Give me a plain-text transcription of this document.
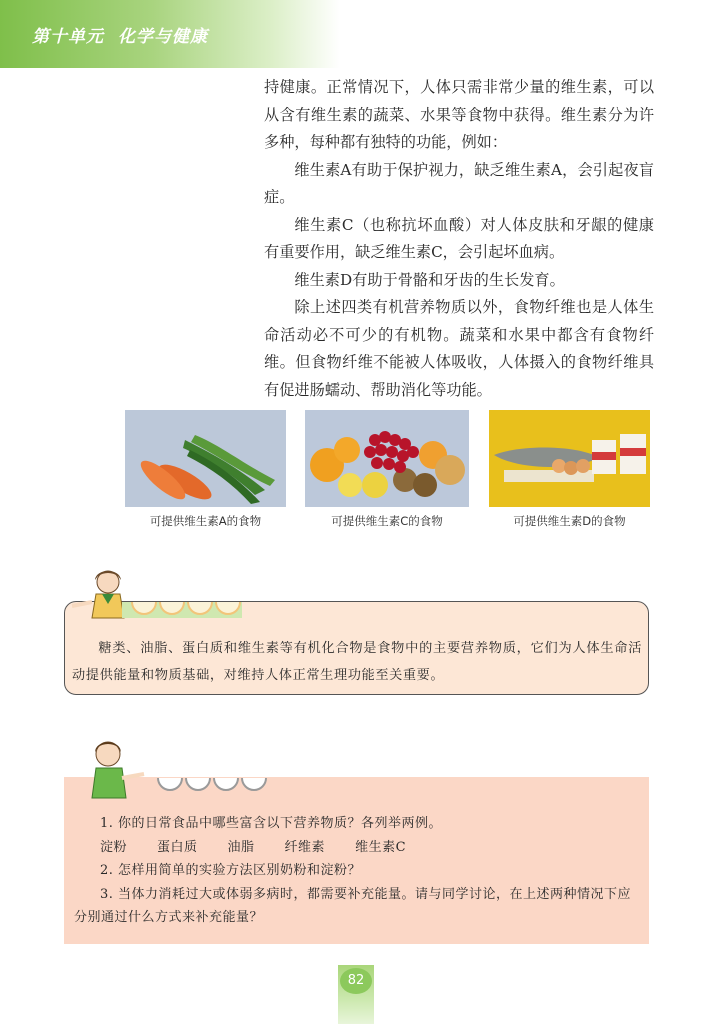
第十单元 化学与健康

持健康。正常情况下，人体只需非常少量的维生素，可以从含有维生素的蔬菜、水果等食物中获得。维生素分为许多种，每种都有独特的功能，例如：

维生素A有助于保护视力，缺乏维生素A，会引起夜盲症。

维生素C（也称抗坏血酸）对人体皮肤和牙龈的健康有重要作用，缺乏维生素C，会引起坏血病。

维生素D有助于骨骼和牙齿的生长发育。

除上述四类有机营养物质以外，食物纤维也是人体生命活动必不可少的有机物。蔬菜和水果中都含有食物纤维。但食物纤维不能被人体吸收，人体摄入的食物纤维具有促进肠蠕动、帮助消化等功能。

可提供维生素A的食物	可提供维生素C的食物	可提供维生素D的食物
糖类、油脂、蛋白质和维生素等有机化合物是食物中的主要营养物质，它们为人体生命活动提供能量和物质基础，对维持人体正常生理功能至关重要。

1. 你的日常食品中哪些富含以下营养物质？各列举两例。

淀粉 蛋白质 油脂 纤维素 维生素C

2. 怎样用简单的实验方法区别奶粉和淀粉？

3. 当体力消耗过大或体弱多病时，都需要补充能量。请与同学讨论，在上述两种情况下应分别通过什么方式来补充能量？

82
